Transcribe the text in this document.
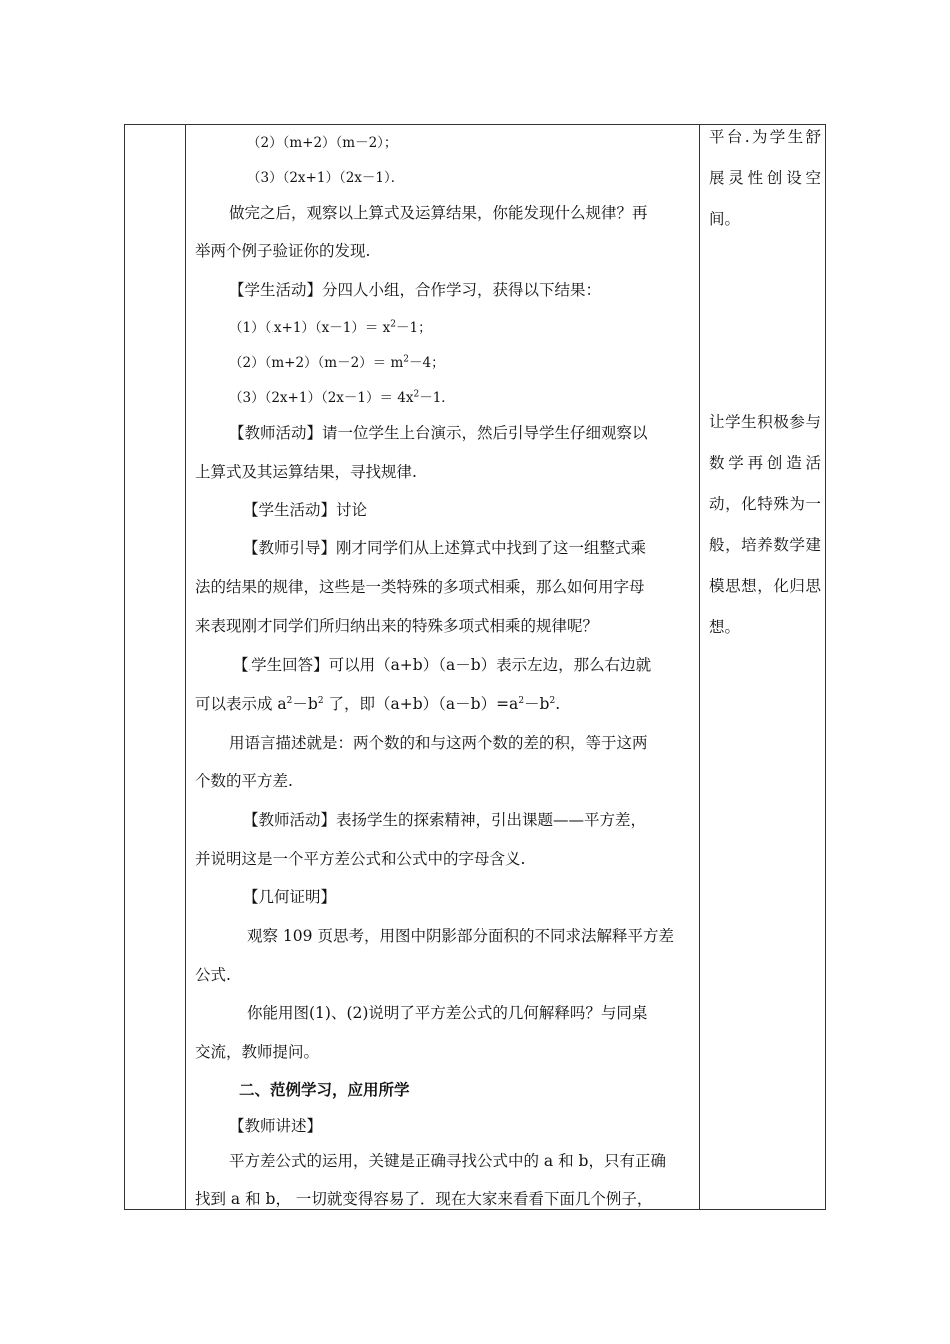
（2）（m+2）（m－2）；
（3）（2x+1）（2x－1）．
做完之后，观察以上算式及运算结果，你能发现什么规律？再
举两个例子验证你的发现.
【学生活动】分四人小组，合作学习，获得以下结果：
$(1)(.x+1)(x-1)= x^2-1$；
$(2)(m+2)(m-2)= m^2-4$；
$(3)(2x+1)(2x-1)= 4x^2-1$．
【教师活动】请一位学生上台演示，然后引导学生仔细观察以
上算式及其运算结果，寻找规律.
【学生活动】讨论
【教师引导】刚才同学们从上述算式中找到了这一组整式乘
法的结果的规律，这些是一类特殊的多项式相乘，那么如何用字母
来表现刚才同学们所归纳出来的特殊多项式相乘的规律呢？
【.学生回答】可以用（a+b）（a－b）表示左边，那么右边就
可以表示成 $a^2-b^2$ 了，即$(a+b)(a-b)=a^2-b^2$.
用语言描述就是：两个数的和与这两个数的差的积，等于这两
个数的平方差.
【教师活动】表扬学生的探索精神，引出课题——平方差，
并说明这是一个平方差公式和公式中的字母含义.
【几何证明】
观察 109 页思考，用图中阴影部分面积的不同求法解释平方差
公式.
你能用图(1)、(2)说明了平方差公式的几何解释吗？与同桌
交流，教师提问。
二、范例学习，应用所学
【教师讲述】
平方差公式的运用，关键是正确寻找公式中的 a 和 b，只有正确
找到 a 和 b， 一切就变得容易了．现在大家来看看下面几个例子，
平台.为学生舒展灵性创设空间。
让学生积极参与数学再创造活动，化特殊为一般，培养数学建模思想，化归思想。
